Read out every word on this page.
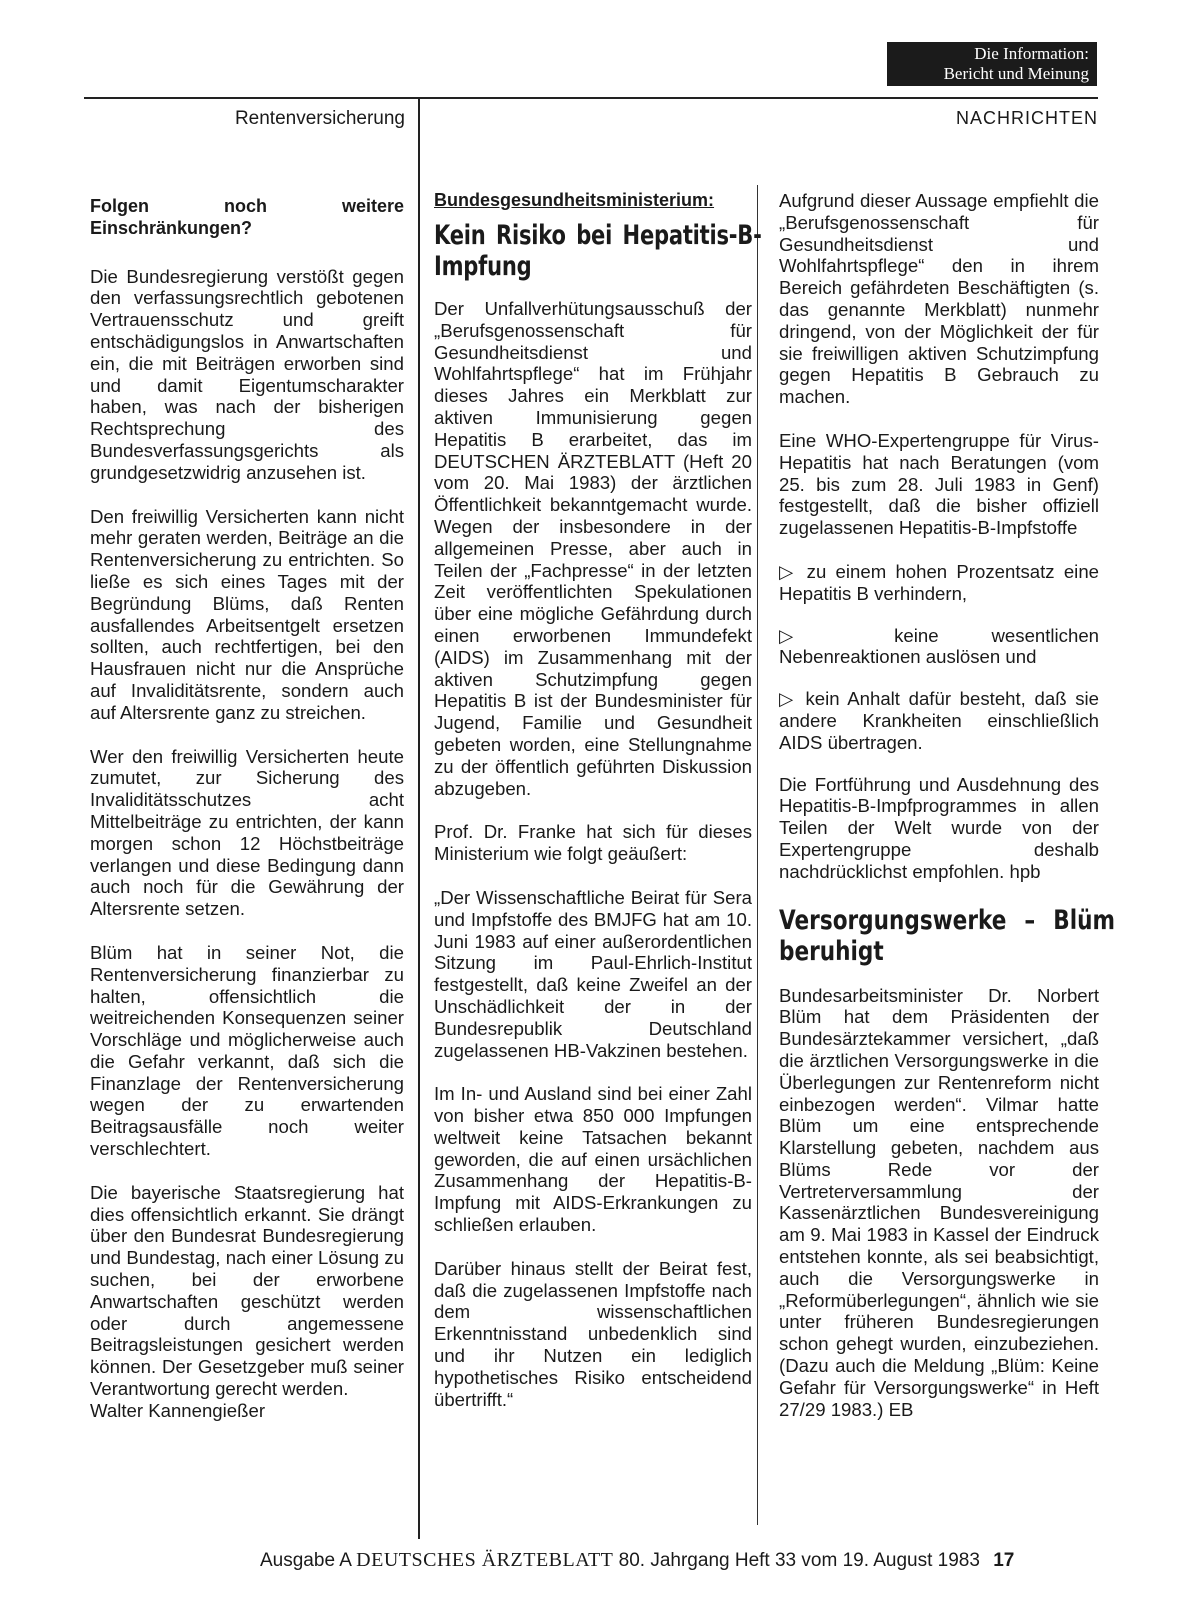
Die Information:
Bericht und Meinung
Rentenversicherung	NACHRICHTEN

Folgen noch weitere Einschränkungen?

Die Bundesregierung verstößt gegen den verfassungsrechtlich gebotenen Vertrauensschutz und greift entschädigungslos in Anwartschaften ein, die mit Beiträgen erworben sind und damit Eigentumscharakter haben, was nach der bisherigen Rechtsprechung des Bundesverfassungsgerichts als grundgesetzwidrig anzusehen ist.

Den freiwillig Versicherten kann nicht mehr geraten werden, Beiträge an die Rentenversicherung zu entrichten. So ließe es sich eines Tages mit der Begründung Blüms, daß Renten ausfallendes Arbeitsentgelt ersetzen sollten, auch rechtfertigen, bei den Hausfrauen nicht nur die Ansprüche auf Invaliditätsrente, sondern auch auf Altersrente ganz zu streichen.

Wer den freiwillig Versicherten heute zumutet, zur Sicherung des Invaliditätsschutzes acht Mittelbeiträge zu entrichten, der kann morgen schon 12 Höchstbeiträge verlangen und diese Bedingung dann auch noch für die Gewährung der Altersrente setzen.

Blüm hat in seiner Not, die Rentenversicherung finanzierbar zu halten, offensichtlich die weitreichenden Konsequenzen seiner Vorschläge und möglicherweise auch die Gefahr verkannt, daß sich die Finanzlage der Rentenversicherung wegen der zu erwartenden Beitragsausfälle noch weiter verschlechtert.

Die bayerische Staatsregierung hat dies offensichtlich erkannt. Sie drängt über den Bundesrat Bundesregierung und Bundestag, nach einer Lösung zu suchen, bei der erworbene Anwartschaften geschützt werden oder durch angemessene Beitragsleistungen gesichert werden können. Der Gesetzgeber muß seiner Verantwortung gerecht werden.

Walter Kannengießer

Bundesgesundheitsministerium:

Kein Risiko bei Hepatitis-B-Impfung

Der Unfallverhütungsausschuß der „Berufsgenossenschaft für Gesundheitsdienst und Wohlfahrtspflege“ hat im Frühjahr dieses Jahres ein Merkblatt zur aktiven Immunisierung gegen Hepatitis B erarbeitet, das im DEUTSCHEN ÄRZTEBLATT (Heft 20 vom 20. Mai 1983) der ärztlichen Öffentlichkeit bekanntgemacht wurde. Wegen der insbesondere in der allgemeinen Presse, aber auch in Teilen der „Fachpresse“ in der letzten Zeit veröffentlichten Spekulationen über eine mögliche Gefährdung durch einen erworbenen Immundefekt (AIDS) im Zusammenhang mit der aktiven Schutzimpfung gegen Hepatitis B ist der Bundesminister für Jugend, Familie und Gesundheit gebeten worden, eine Stellungnahme zu der öffentlich geführten Diskussion abzugeben.

Prof. Dr. Franke hat sich für dieses Ministerium wie folgt geäußert:

„Der Wissenschaftliche Beirat für Sera und Impfstoffe des BMJFG hat am 10. Juni 1983 auf einer außerordentlichen Sitzung im Paul-Ehrlich-Institut festgestellt, daß keine Zweifel an der Unschädlichkeit der in der Bundesrepublik Deutschland zugelassenen HB-Vakzinen bestehen.

Im In- und Ausland sind bei einer Zahl von bisher etwa 850 000 Impfungen weltweit keine Tatsachen bekannt geworden, die auf einen ursächlichen Zusammenhang der Hepatitis-B-Impfung mit AIDS-Erkrankungen zu schließen erlauben.

Darüber hinaus stellt der Beirat fest, daß die zugelassenen Impfstoffe nach dem wissenschaftlichen Erkenntnisstand unbedenklich sind und ihr Nutzen ein lediglich hypothetisches Risiko entscheidend übertrifft.“

Aufgrund dieser Aussage empfiehlt die „Berufsgenossenschaft für Gesundheitsdienst und Wohlfahrtspflege“ den in ihrem Bereich gefährdeten Beschäftigten (s. das genannte Merkblatt) nunmehr dringend, von der Möglichkeit der für sie freiwilligen aktiven Schutzimpfung gegen Hepatitis B Gebrauch zu machen.

Eine WHO-Expertengruppe für Virus-Hepatitis hat nach Beratungen (vom 25. bis zum 28. Juli 1983 in Genf) festgestellt, daß die bisher offiziell zugelassenen Hepatitis-B-Impfstoffe

▷ zu einem hohen Prozentsatz eine Hepatitis B verhindern,

▷ keine wesentlichen Nebenreaktionen auslösen und

▷ kein Anhalt dafür besteht, daß sie andere Krankheiten einschließlich AIDS übertragen.

Die Fortführung und Ausdehnung des Hepatitis-B-Impfprogrammes in allen Teilen der Welt wurde von der Expertengruppe deshalb nachdrücklichst empfohlen. hpb

Versorgungswerke – Blüm beruhigt

Bundesarbeitsminister Dr. Norbert Blüm hat dem Präsidenten der Bundesärztekammer versichert, „daß die ärztlichen Versorgungswerke in die Überlegungen zur Rentenreform nicht einbezogen werden“. Vilmar hatte Blüm um eine entsprechende Klarstellung gebeten, nachdem aus Blüms Rede vor der Vertreterversammlung der Kassenärztlichen Bundesvereinigung am 9. Mai 1983 in Kassel der Eindruck entstehen konnte, als sei beabsichtigt, auch die Versorgungswerke in „Reformüberlegungen“, ähnlich wie sie unter früheren Bundesregierungen schon gehegt wurden, einzubeziehen. (Dazu auch die Meldung „Blüm: Keine Gefahr für Versorgungswerke“ in Heft 27/29 1983.) EB

Ausgabe A DEUTSCHES ÄRZTEBLATT 80. Jahrgang Heft 33 vom 19. August 1983 17
